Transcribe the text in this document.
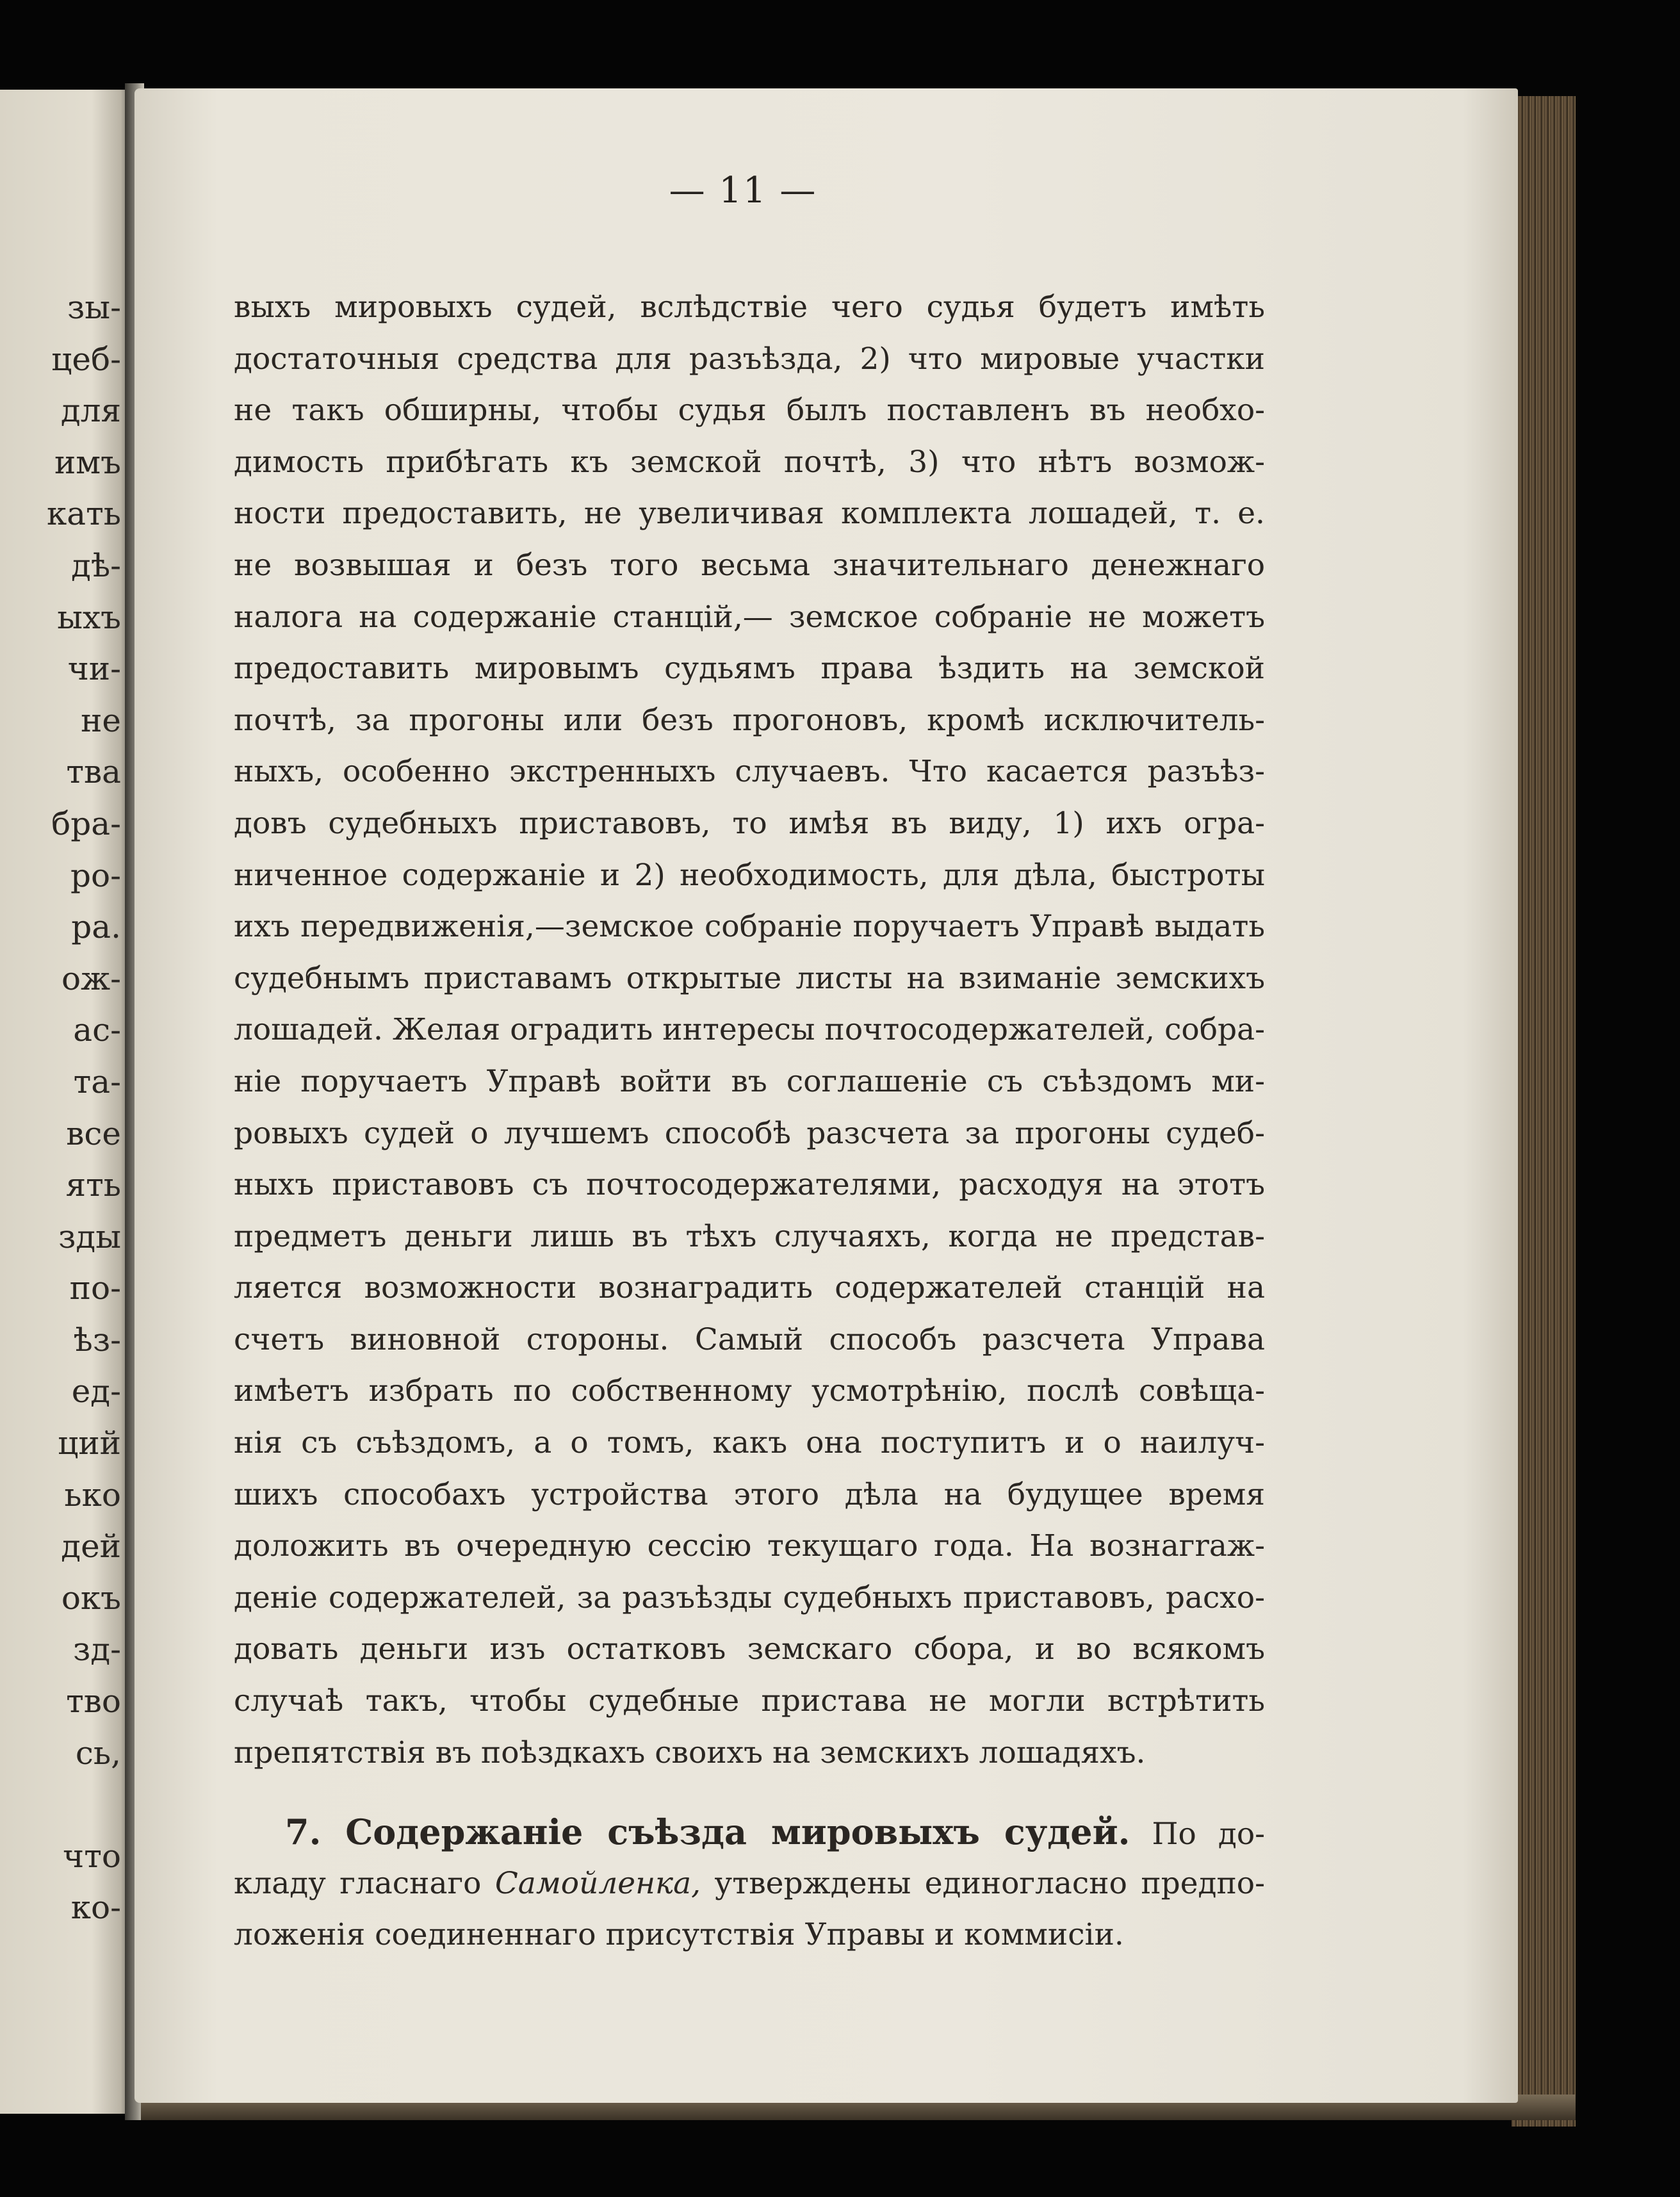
зы-
цеб-
для
имъ
кать
дѣ-
ыхъ
чи-
не
тва
бра-
ро-
ра.
ож-
ас-
та-
все
ять
зды
по-
ѣз-
ед-
ций
ько
дей
окъ
зд-
тво
сь,
что
ко-
— 11 —
выхъ мировыхъ судей, вслѣдствіе чего судья будетъ имѣть
достаточныя средства для разъѣзда, 2) что мировые участки
не такъ обширны, чтобы судья былъ поставленъ въ необхо-
димость прибѣгать къ земской почтѣ, 3) что нѣтъ возмож-
ности предоставить, не увеличивая комплекта лошадей, т. е.
не возвышая и безъ того весьма значительнаго денежнаго
налога на содержаніе станцій,— земское собраніе не можетъ
предоставить мировымъ судьямъ права ѣздить на земской
почтѣ, за прогоны или безъ прогоновъ, кромѣ исключитель-
ныхъ, особенно экстренныхъ случаевъ. Что касается разъѣз-
довъ судебныхъ приставовъ, то имѣя въ виду, 1) ихъ огра-
ниченное содержаніе и 2) необходимость, для дѣла, быстроты
ихъ передвиженія,—земское собраніе поручаетъ Управѣ выдать
судебнымъ приставамъ открытые листы на взиманіе земскихъ
лошадей. Желая оградить интересы почтосодержателей, собра-
ніе поручаетъ Управѣ войти въ соглашеніе съ съѣздомъ ми-
ровыхъ судей о лучшемъ способѣ разсчета за прогоны судеб-
ныхъ приставовъ съ почтосодержателями, расходуя на этотъ
предметъ деньги лишь въ тѣхъ случаяхъ, когда не представ-
ляется возможности вознаградить содержателей станцій на
счетъ виновной стороны. Самый способъ разсчета Управа
имѣетъ избрать по собственному усмотрѣнію, послѣ совѣща-
нія съ съѣздомъ, а о томъ, какъ она поступитъ и о наилуч-
шихъ способахъ устройства этого дѣла на будущее время
доложить въ очередную сессію текущаго года. На вознагraж-
деніе содержателей, за разъѣзды судебныхъ приставовъ, расхо-
довать деньги изъ остатковъ земскаго сбора, и во всякомъ
случаѣ такъ, чтобы судебные пристава не могли встрѣтить
препятствія въ поѣздкахъ своихъ на земскихъ лошадяхъ.
7. Содержаніе съѣзда мировыхъ судей. По до-
кладу гласнаго Самойленка, утверждены единогласно предпо-
ложенія соединеннаго присутствія Управы и коммисіи.
